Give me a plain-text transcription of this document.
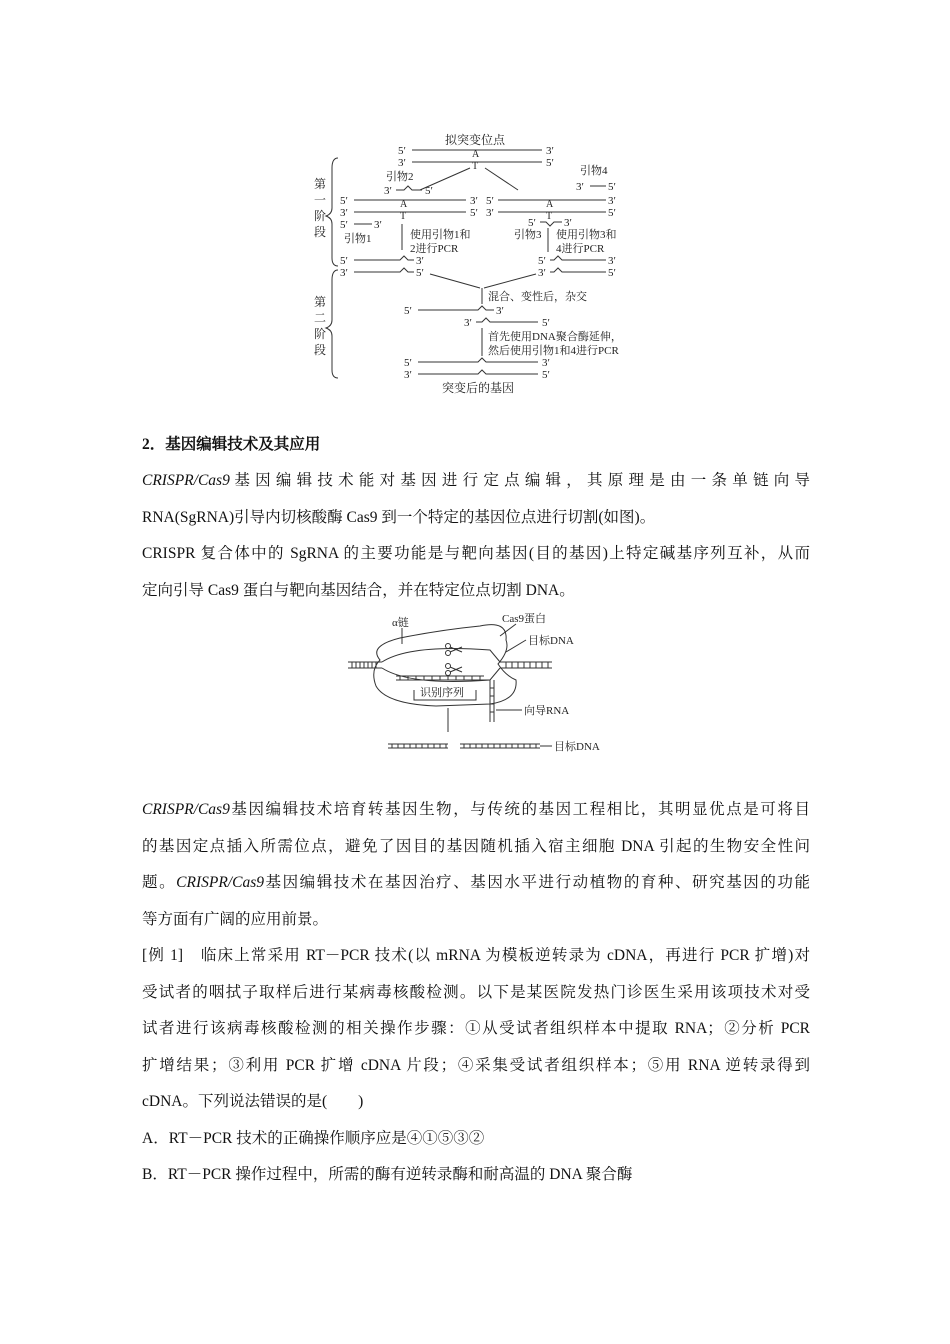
拟突变位点
第
一
阶
段
第
二
阶
段
5′	3′
3′	5′
A
T
引物2
3′	5′
5′	3′
3′	5′
A
T
5′ 3′
引物1	使用引物1和
2进行PCR
引物4
3′ 5′
5′	3′
3′	5′
A
T
5′	3′
引物3 使用引物3和
4进行PCR
5′	3′
3′	5′
5′	3′
3′	5′
混合、变性后，杂交
5′	3′
3′	5′
首先使用DNA聚合酶延伸，
然后使用引物1和4进行PCR
5′	3′
3′	5′
突变后的基因
2．基因编辑技术及其应用
CRISPR/Cas9 基 因 编 辑 技 术 能 对 基 因 进 行 定 点 编 辑 ， 其 原 理 是 由 一 条 单 链 向 导
RNA(SgRNA)引导内切核酸酶 Cas9 到一个特定的基因位点进行切割(如图)。
CRISPR 复合体中的 SgRNA 的主要功能是与靶向基因(目的基因)上特定碱基序列互补，从而
定向引导 Cas9 蛋白与靶向基因结合，并在特定位点切割 DNA。
α链	Cas9蛋白
目标DNA
识别序列
向导RNA
目标DNA
CRISPR/Cas9基因编辑技术培育转基因生物，与传统的基因工程相比，其明显优点是可将目
的基因定点插入所需位点，避免了因目的基因随机插入宿主细胞 DNA 引起的生物安全性问
题。CRISPR/Cas9基因编辑技术在基因治疗、基因水平进行动植物的育种、研究基因的功能
等方面有广阔的应用前景。
[例 1]　临床上常采用 RT－PCR 技术(以 mRNA 为模板逆转录为 cDNA，再进行 PCR 扩增)对
受试者的咽拭子取样后进行某病毒核酸检测。以下是某医院发热门诊医生采用该项技术对受
试者进行该病毒核酸检测的相关操作步骤：①从受试者组织样本中提取 RNA；②分析 PCR
扩增结果；③利用 PCR 扩增 cDNA 片段；④采集受试者组织样本；⑤用 RNA 逆转录得到
cDNA。下列说法错误的是(　　)
A．RT－PCR 技术的正确操作顺序应是④①⑤③②
B．RT－PCR 操作过程中，所需的酶有逆转录酶和耐高温的 DNA 聚合酶
